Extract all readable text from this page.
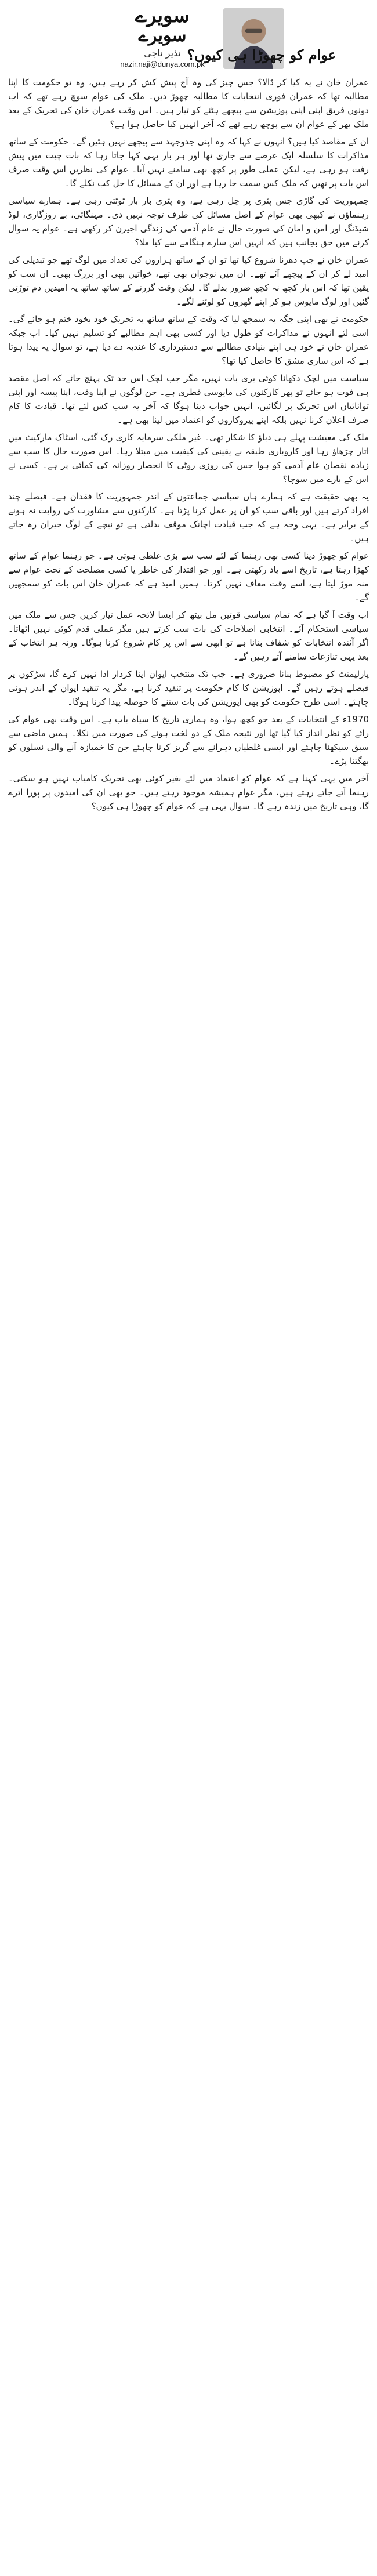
سویرے
سویرے
نذیر ناجی
nazir.naji@dunya.com.pk
عوام کو چھوڑا ہی کیوں؟

عمران خان نے یہ کیا کر ڈالا؟ جس چیز کی وہ آج پیش کش کر رہے ہیں، وہ تو حکومت کا اپنا مطالبہ تھا کہ عمران فوری انتخابات کا مطالبہ چھوڑ دیں۔ ملک کی عوام سوچ رہے تھے کہ اب دونوں فریق اپنی اپنی پوزیشن سے پیچھے ہٹنے کو تیار ہیں۔ اس وقت عمران خان کی تحریک کے بعد ملک بھر کے عوام ان سے پوچھ رہے تھے کہ آخر انہیں کیا حاصل ہوا ہے؟

ان کے مقاصد کیا ہیں؟ انہوں نے کہا کہ وہ اپنی جدوجہد سے پیچھے نہیں ہٹیں گے۔ حکومت کے ساتھ مذاکرات کا سلسلہ ایک عرصے سے جاری تھا اور ہر بار یہی کہا جاتا رہا کہ بات چیت میں پیش رفت ہو رہی ہے، لیکن عملی طور پر کچھ بھی سامنے نہیں آیا۔ عوام کی نظریں اس وقت صرف اس بات پر تھیں کہ ملک کس سمت جا رہا ہے اور ان کے مسائل کا حل کب نکلے گا۔

جمہوریت کی گاڑی جس پٹری پر چل رہی ہے، وہ پٹری بار بار ٹوٹتی رہی ہے۔ ہمارے سیاسی رہنماؤں نے کبھی بھی عوام کے اصل مسائل کی طرف توجہ نہیں دی۔ مہنگائی، بے روزگاری، لوڈ شیڈنگ اور امن و امان کی صورت حال نے عام آدمی کی زندگی اجیرن کر رکھی ہے۔ عوام یہ سوال کرنے میں حق بجانب ہیں کہ انہیں اس سارے ہنگامے سے کیا ملا؟

عمران خان نے جب دھرنا شروع کیا تھا تو ان کے ساتھ ہزاروں کی تعداد میں لوگ تھے جو تبدیلی کی امید لے کر ان کے پیچھے آئے تھے۔ ان میں نوجوان بھی تھے، خواتین بھی اور بزرگ بھی۔ ان سب کو یقین تھا کہ اس بار کچھ نہ کچھ ضرور بدلے گا۔ لیکن وقت گزرنے کے ساتھ ساتھ یہ امیدیں دم توڑتی گئیں اور لوگ مایوس ہو کر اپنے گھروں کو لوٹنے لگے۔

حکومت نے بھی اپنی جگہ یہ سمجھ لیا کہ وقت کے ساتھ ساتھ یہ تحریک خود بخود ختم ہو جائے گی۔ اسی لئے انہوں نے مذاکرات کو طول دیا اور کسی بھی اہم مطالبے کو تسلیم نہیں کیا۔ اب جبکہ عمران خان نے خود ہی اپنے بنیادی مطالبے سے دستبرداری کا عندیہ دے دیا ہے، تو سوال یہ پیدا ہوتا ہے کہ اس ساری مشق کا حاصل کیا تھا؟

سیاست میں لچک دکھانا کوئی بری بات نہیں، مگر جب لچک اس حد تک پہنچ جائے کہ اصل مقصد ہی فوت ہو جائے تو پھر کارکنوں کی مایوسی فطری ہے۔ جن لوگوں نے اپنا وقت، اپنا پیسہ اور اپنی توانائیاں اس تحریک پر لگائیں، انہیں جواب دینا ہوگا کہ آخر یہ سب کس لئے تھا۔ قیادت کا کام صرف اعلان کرنا نہیں بلکہ اپنے پیروکاروں کو اعتماد میں لینا بھی ہے۔

ملک کی معیشت پہلے ہی دباؤ کا شکار تھی۔ غیر ملکی سرمایہ کاری رک گئی، اسٹاک مارکیٹ میں اتار چڑھاؤ رہا اور کاروباری طبقہ بے یقینی کی کیفیت میں مبتلا رہا۔ اس صورت حال کا سب سے زیادہ نقصان عام آدمی کو ہوا جس کی روزی روٹی کا انحصار روزانہ کی کمائی پر ہے۔ کسی نے اس کے بارے میں سوچا؟

یہ بھی حقیقت ہے کہ ہمارے ہاں سیاسی جماعتوں کے اندر جمہوریت کا فقدان ہے۔ فیصلے چند افراد کرتے ہیں اور باقی سب کو ان پر عمل کرنا پڑتا ہے۔ کارکنوں سے مشاورت کی روایت نہ ہونے کے برابر ہے۔ یہی وجہ ہے کہ جب قیادت اچانک موقف بدلتی ہے تو نیچے کے لوگ حیران رہ جاتے ہیں۔

عوام کو چھوڑ دینا کسی بھی رہنما کے لئے سب سے بڑی غلطی ہوتی ہے۔ جو رہنما عوام کے ساتھ کھڑا رہتا ہے، تاریخ اسے یاد رکھتی ہے۔ اور جو اقتدار کی خاطر یا کسی مصلحت کے تحت عوام سے منہ موڑ لیتا ہے، اسے وقت معاف نہیں کرتا۔ ہمیں امید ہے کہ عمران خان اس بات کو سمجھیں گے۔

اب وقت آ گیا ہے کہ تمام سیاسی قوتیں مل بیٹھ کر ایسا لائحہ عمل تیار کریں جس سے ملک میں سیاسی استحکام آئے۔ انتخابی اصلاحات کی بات سب کرتے ہیں مگر عملی قدم کوئی نہیں اٹھاتا۔ اگر آئندہ انتخابات کو شفاف بنانا ہے تو ابھی سے اس پر کام شروع کرنا ہوگا۔ ورنہ ہر انتخاب کے بعد یہی تنازعات سامنے آتے رہیں گے۔

پارلیمنٹ کو مضبوط بنانا ضروری ہے۔ جب تک منتخب ایوان اپنا کردار ادا نہیں کرے گا، سڑکوں پر فیصلے ہوتے رہیں گے۔ اپوزیشن کا کام حکومت پر تنقید کرنا ہے، مگر یہ تنقید ایوان کے اندر ہونی چاہئے۔ اسی طرح حکومت کو بھی اپوزیشن کی بات سننے کا حوصلہ پیدا کرنا ہوگا۔

1970ء کے انتخابات کے بعد جو کچھ ہوا، وہ ہماری تاریخ کا سیاہ باب ہے۔ اس وقت بھی عوام کی رائے کو نظر انداز کیا گیا تھا اور نتیجہ ملک کے دو لخت ہونے کی صورت میں نکلا۔ ہمیں ماضی سے سبق سیکھنا چاہئے اور ایسی غلطیاں دہرانے سے گریز کرنا چاہئے جن کا خمیازہ آنے والی نسلوں کو بھگتنا پڑے۔

آخر میں یہی کہنا ہے کہ عوام کو اعتماد میں لئے بغیر کوئی بھی تحریک کامیاب نہیں ہو سکتی۔ رہنما آتے جاتے رہتے ہیں، مگر عوام ہمیشہ موجود رہتے ہیں۔ جو بھی ان کی امیدوں پر پورا اترے گا، وہی تاریخ میں زندہ رہے گا۔ سوال یہی ہے کہ عوام کو چھوڑا ہی کیوں؟
